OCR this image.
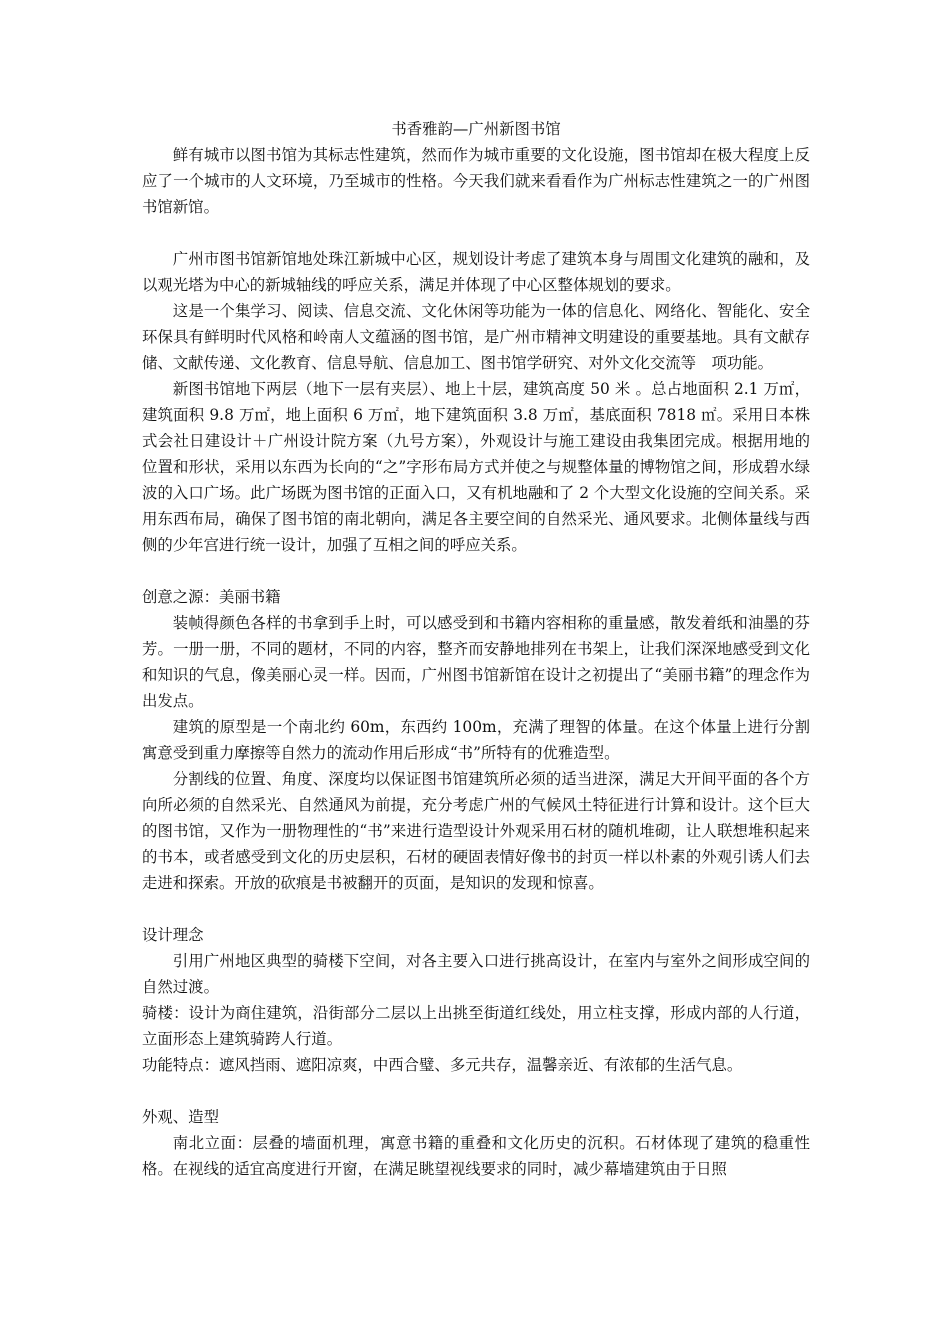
书香雅韵—广州新图书馆

鲜有城市以图书馆为其标志性建筑，然而作为城市重要的文化设施，图书馆却在极大程度上反应了一个城市的人文环境，乃至城市的性格。今天我们就来看看作为广州标志性建筑之一的广州图书馆新馆。

广州市图书馆新馆地处珠江新城中心区，规划设计考虑了建筑本身与周围文化建筑的融和，及以观光塔为中心的新城轴线的呼应关系，满足并体现了中心区整体规划的要求。

这是一个集学习、阅读、信息交流、文化休闲等功能为一体的信息化、网络化、智能化、安全环保具有鲜明时代风格和岭南人文蕴涵的图书馆，是广州市精神文明建设的重要基地。具有文献存储、文献传递、文化教育、信息导航、信息加工、图书馆学研究、对外文化交流等　项功能。

新图书馆地下两层（地下一层有夹层）、地上十层，建筑高度 50 米 。总占地面积 2.1 万㎡，建筑面积 9.8 万㎡，地上面积 6 万㎡，地下建筑面积 3.8 万㎡，基底面积 7818 ㎡。采用日本株式会社日建设计＋广州设计院方案（九号方案），外观设计与施工建设由我集团完成。根据用地的位置和形状，采用以东西为长向的“之”字形布局方式并使之与规整体量的博物馆之间，形成碧水绿波的入口广场。此广场既为图书馆的正面入口，又有机地融和了 2 个大型文化设施的空间关系。采用东西布局，确保了图书馆的南北朝向，满足各主要空间的自然采光、通风要求。北侧体量线与西侧的少年宫进行统一设计，加强了互相之间的呼应关系。

创意之源：美丽书籍

装帧得颜色各样的书拿到手上时，可以感受到和书籍内容相称的重量感，散发着纸和油墨的芬芳。一册一册，不同的题材，不同的内容，整齐而安静地排列在书架上，让我们深深地感受到文化和知识的气息，像美丽心灵一样。因而，广州图书馆新馆在设计之初提出了“美丽书籍”的理念作为出发点。

建筑的原型是一个南北约 60m，东西约 100m，充满了理智的体量。在这个体量上进行分割寓意受到重力摩擦等自然力的流动作用后形成“书”所特有的优雅造型。

分割线的位置、角度、深度均以保证图书馆建筑所必须的适当进深，满足大开间平面的各个方向所必须的自然采光、自然通风为前提，充分考虑广州的气候风土特征进行计算和设计。这个巨大的图书馆，又作为一册物理性的“书”来进行造型设计外观采用石材的随机堆砌，让人联想堆积起来的书本，或者感受到文化的历史层积，石材的硬固表情好像书的封页一样以朴素的外观引诱人们去走进和探索。开放的砍痕是书被翻开的页面，是知识的发现和惊喜。

设计理念

引用广州地区典型的骑楼下空间，对各主要入口进行挑高设计，在室内与室外之间形成空间的自然过渡。

骑楼：设计为商住建筑，沿街部分二层以上出挑至街道红线处，用立柱支撑，形成内部的人行道，立面形态上建筑骑跨人行道。

功能特点：遮风挡雨、遮阳凉爽，中西合璧、多元共存，温馨亲近、有浓郁的生活气息。

外观、造型

南北立面：层叠的墙面机理，寓意书籍的重叠和文化历史的沉积。石材体现了建筑的稳重性格。在视线的适宜高度进行开窗，在满足眺望视线要求的同时，减少幕墙建筑由于日照
